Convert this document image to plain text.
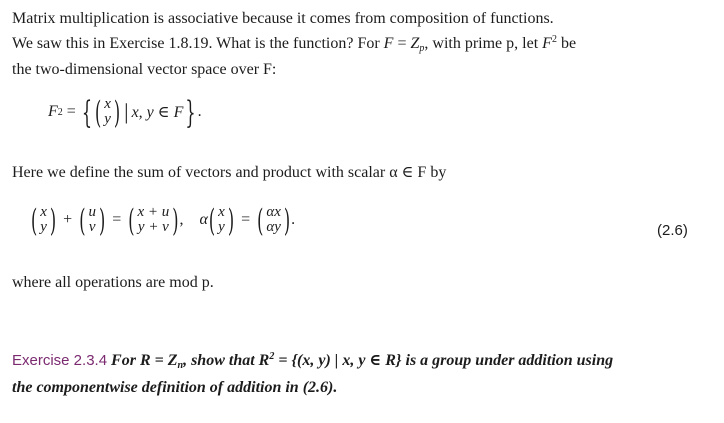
Matrix multiplication is associative because it comes from composition of functions.
We saw this in Exercise 1.8.19. What is the function? For $F = Z_p$, with prime p, let $F^2$ be
the two-dimensional vector space over F:
F 2 = { ( x
y ) | x, y ∈ F } .
Here we define the sum of vectors and product with scalar α ∈ F by
( x
y ) + ( u
v ) = ( x + u
y + v ) , α ( x
y ) = ( αx
αy ) .
(2.6)
where all operations are mod p.
Exercise 2.3.4 For $R = Z_n$, show that $R^2 = \{(x$, y) | x, y ∈ R} is a group under addition using
the componentwise definition of addition in (2.6).
